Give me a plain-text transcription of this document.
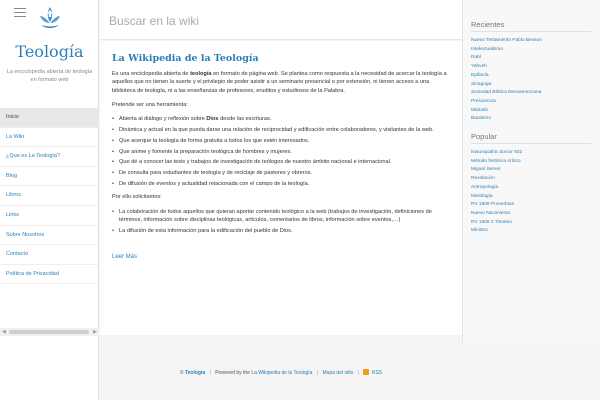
Teología
La enciclopedia abierta de teología en formato web
Inicio
La Wiki
¿Que es La Teología?
Blog
Libros
Links
Sobre Nosotros
Contacto
Política de Privacidad
◀	▶
Buscar en la wiki
La Wikipedia de la Teología

Es una enciclopedia abierta de teología en formato de página web. Se plantea como respuesta a la necesidad de acercar la teología a aquellos que no tienen la suerte y el privilegio de poder asistir a un seminario presencial o por extensión, ni tienen acceso a una biblioteca de teología, ni a las enseñanzas de profesores, eruditos y estudiosos de la Palabra.

Pretende ser una herramienta:

• Abierta al diálogo y reflexión sobre Dios desde las escrituras.
• Dinámica y actual en la que pueda darse una relación de reciprocidad y edificación entre colaboradores, y visitantes de la web.
• Que acerque la teología de forma gratuita a todos los que estén interesados.
• Que anime y fomente la preparación teológica de hombres y mujeres.
• Que dé a conocer las tesis y trabajos de investigación de teólogos de nuestro ámbito nacional e internacional.
• De consulta para estudiantes de teología y de reciclaje de pastores y obreros.
• De difusión de eventos y actualidad relacionada con el campo de la teología.

Por ello solicitamos:

• La colaboración de todos aquellos que quieran aportar contenido teológico a la web (trabajos de investigación, definiciones de términos, información sobre disciplinas teológicas, artículos, comentarios de libros, información sobre eventos,…)
• La difusión de esta información para la edificación del pueblo de Dios.
Leer Más
Recientes
Nuevo Testamento Pablo Besson
Intelectualismo
Rabí
Yahveh
Epifanía
Sinagoga
Sociedad Bíblica Iberoamericana
Presciencia
Midrash
Bautismo
Popular
Naturopathic doctor 922
Método histórico-crítico
Miguel Servet
Revelación
Antropología
Misiología
RV 1909 Proverbios
Nuevo Nacimiento
RV 1909 2 Timoteo
Ministro
© Teología | Powered by the La Wikipedia de la Teología | Mapa del sitio |	RSS
